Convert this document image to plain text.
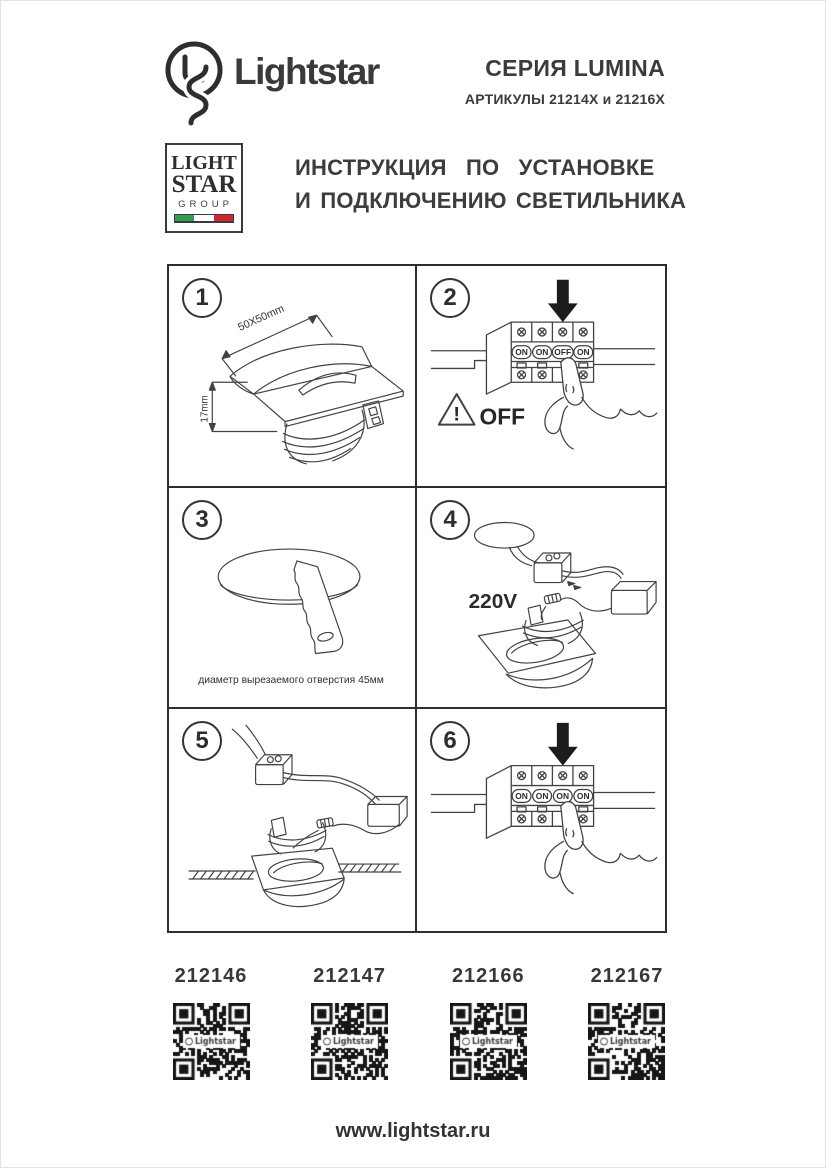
Lightstar	СЕРИЯ LUMINA
АРТИКУЛЫ 21214X и 21216X
LIGHT
STAR
GROUP
ИНСТРУКЦИЯ ПО УСТАНОВКЕ
И ПОДКЛЮЧЕНИЮ СВЕТИЛЬНИКА
1
50X50mm
17mm
2
! OFF
ON ON OFF ON
3
диаметр вырезаемого отверстия 45мм
4
220V
5	6
ON ON ON ON
212146	212147	212166	212167
www.lightstar.ru
